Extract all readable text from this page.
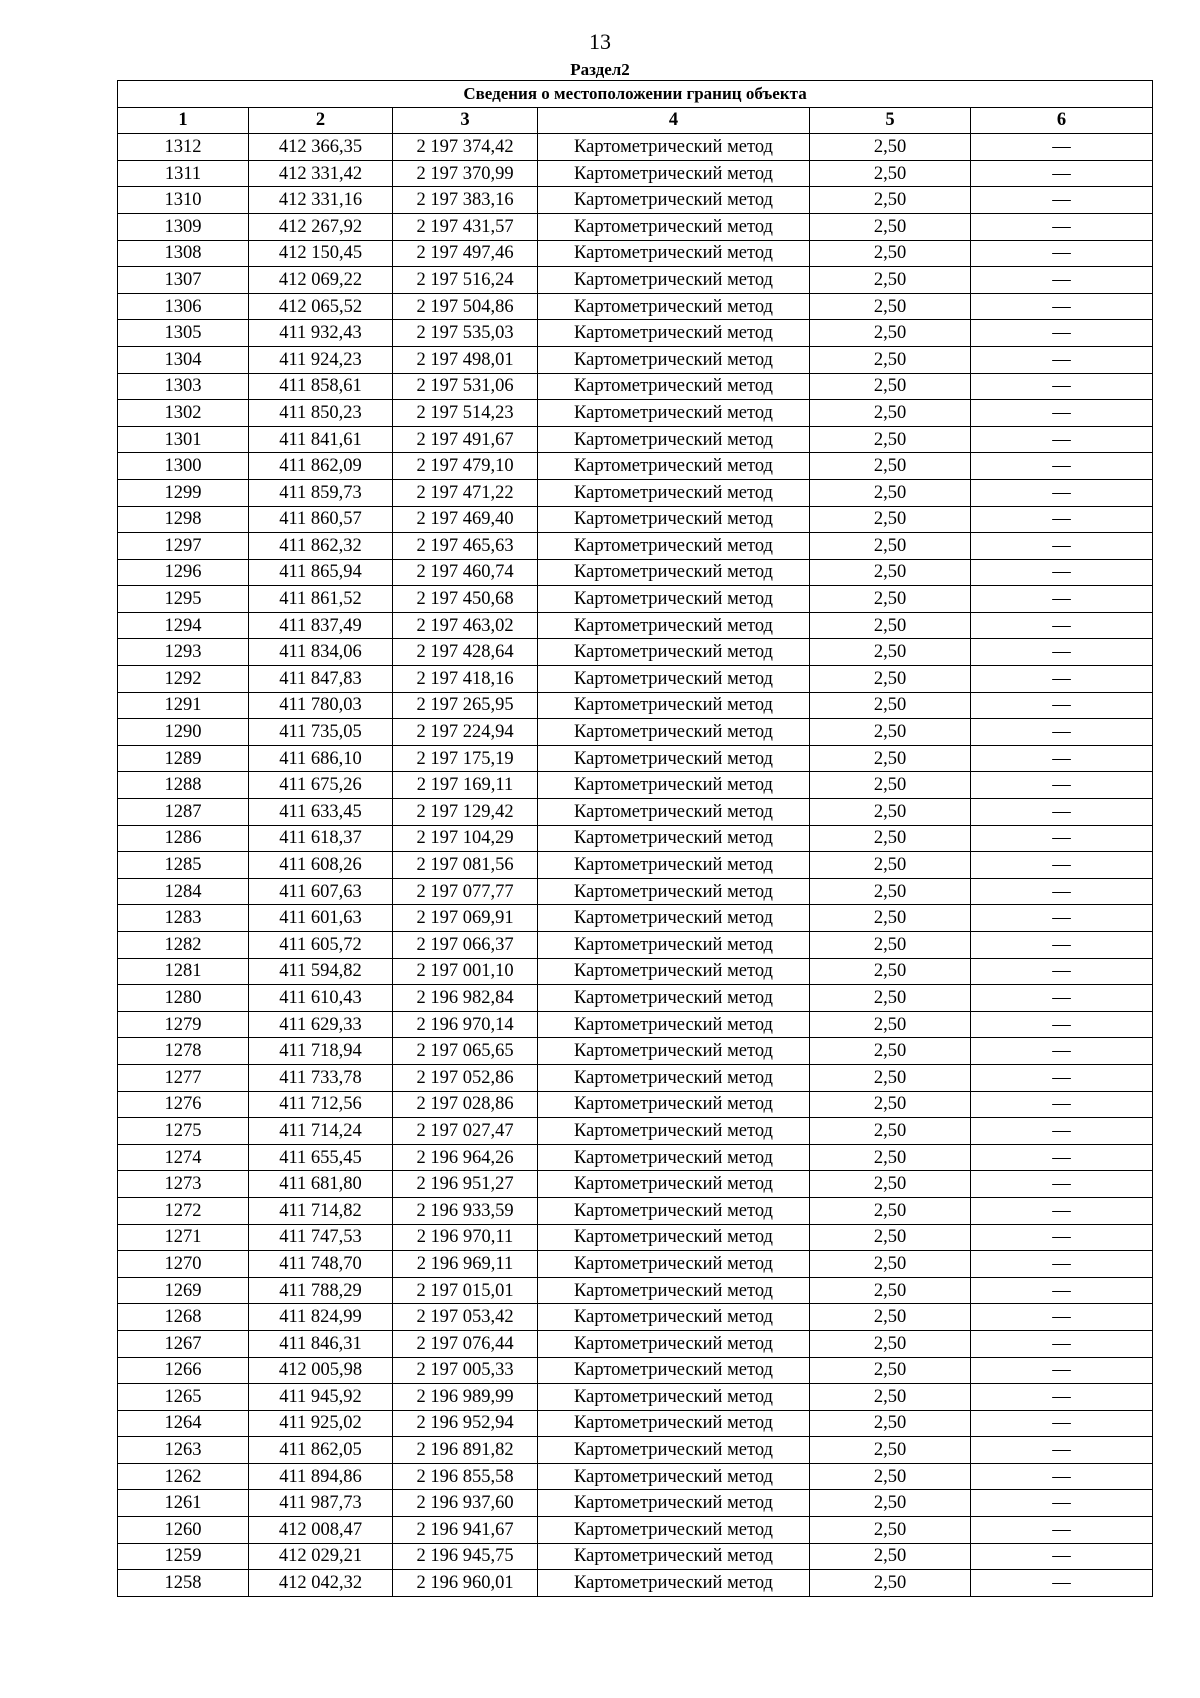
13
Раздел2
Сведения о местоположении границ объекта					
1	2	3	4	5	6
1312	412 366,35	2 197 374,42	Картометрический метод	2,50	—
1311	412 331,42	2 197 370,99	Картометрический метод	2,50	—
1310	412 331,16	2 197 383,16	Картометрический метод	2,50	—
1309	412 267,92	2 197 431,57	Картометрический метод	2,50	—
1308	412 150,45	2 197 497,46	Картометрический метод	2,50	—
1307	412 069,22	2 197 516,24	Картометрический метод	2,50	—
1306	412 065,52	2 197 504,86	Картометрический метод	2,50	—
1305	411 932,43	2 197 535,03	Картометрический метод	2,50	—
1304	411 924,23	2 197 498,01	Картометрический метод	2,50	—
1303	411 858,61	2 197 531,06	Картометрический метод	2,50	—
1302	411 850,23	2 197 514,23	Картометрический метод	2,50	—
1301	411 841,61	2 197 491,67	Картометрический метод	2,50	—
1300	411 862,09	2 197 479,10	Картометрический метод	2,50	—
1299	411 859,73	2 197 471,22	Картометрический метод	2,50	—
1298	411 860,57	2 197 469,40	Картометрический метод	2,50	—
1297	411 862,32	2 197 465,63	Картометрический метод	2,50	—
1296	411 865,94	2 197 460,74	Картометрический метод	2,50	—
1295	411 861,52	2 197 450,68	Картометрический метод	2,50	—
1294	411 837,49	2 197 463,02	Картометрический метод	2,50	—
1293	411 834,06	2 197 428,64	Картометрический метод	2,50	—
1292	411 847,83	2 197 418,16	Картометрический метод	2,50	—
1291	411 780,03	2 197 265,95	Картометрический метод	2,50	—
1290	411 735,05	2 197 224,94	Картометрический метод	2,50	—
1289	411 686,10	2 197 175,19	Картометрический метод	2,50	—
1288	411 675,26	2 197 169,11	Картометрический метод	2,50	—
1287	411 633,45	2 197 129,42	Картометрический метод	2,50	—
1286	411 618,37	2 197 104,29	Картометрический метод	2,50	—
1285	411 608,26	2 197 081,56	Картометрический метод	2,50	—
1284	411 607,63	2 197 077,77	Картометрический метод	2,50	—
1283	411 601,63	2 197 069,91	Картометрический метод	2,50	—
1282	411 605,72	2 197 066,37	Картометрический метод	2,50	—
1281	411 594,82	2 197 001,10	Картометрический метод	2,50	—
1280	411 610,43	2 196 982,84	Картометрический метод	2,50	—
1279	411 629,33	2 196 970,14	Картометрический метод	2,50	—
1278	411 718,94	2 197 065,65	Картометрический метод	2,50	—
1277	411 733,78	2 197 052,86	Картометрический метод	2,50	—
1276	411 712,56	2 197 028,86	Картометрический метод	2,50	—
1275	411 714,24	2 197 027,47	Картометрический метод	2,50	—
1274	411 655,45	2 196 964,26	Картометрический метод	2,50	—
1273	411 681,80	2 196 951,27	Картометрический метод	2,50	—
1272	411 714,82	2 196 933,59	Картометрический метод	2,50	—
1271	411 747,53	2 196 970,11	Картометрический метод	2,50	—
1270	411 748,70	2 196 969,11	Картометрический метод	2,50	—
1269	411 788,29	2 197 015,01	Картометрический метод	2,50	—
1268	411 824,99	2 197 053,42	Картометрический метод	2,50	—
1267	411 846,31	2 197 076,44	Картометрический метод	2,50	—
1266	412 005,98	2 197 005,33	Картометрический метод	2,50	—
1265	411 945,92	2 196 989,99	Картометрический метод	2,50	—
1264	411 925,02	2 196 952,94	Картометрический метод	2,50	—
1263	411 862,05	2 196 891,82	Картометрический метод	2,50	—
1262	411 894,86	2 196 855,58	Картометрический метод	2,50	—
1261	411 987,73	2 196 937,60	Картометрический метод	2,50	—
1260	412 008,47	2 196 941,67	Картометрический метод	2,50	—
1259	412 029,21	2 196 945,75	Картометрический метод	2,50	—
1258	412 042,32	2 196 960,01	Картометрический метод	2,50	—
